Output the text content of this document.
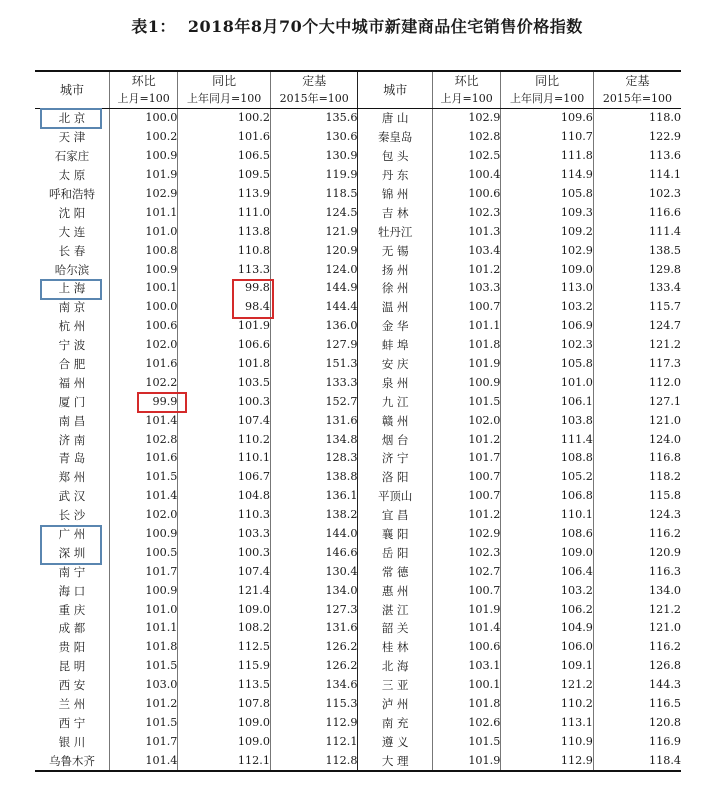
表1： 2018年8月70个大中城市新建商品住宅销售价格指数
城市	环比	同比	定基	城市	环比	同比	定基
	上月=100	上年同月=100	2015年=100		上月=100	上年同月=100	2015年=100
北 京	100.0	100.2	135.6	唐 山	102.9	109.6	118.0
天 津	100.2	101.6	130.6	秦皇岛	102.8	110.7	122.9
石家庄	100.9	106.5	130.9	包 头	102.5	111.8	113.6
太 原	101.9	109.5	119.9	丹 东	100.4	114.9	114.1
呼和浩特	102.9	113.9	118.5	锦 州	100.6	105.8	102.3
沈 阳	101.1	111.0	124.5	吉 林	102.3	109.3	116.6
大 连	101.0	113.8	121.9	牡丹江	101.3	109.2	111.4
长 春	100.8	110.8	120.9	无 锡	103.4	102.9	138.5
哈尔滨	100.9	113.3	124.0	扬 州	101.2	109.0	129.8
上 海	100.1	99.8	144.9	徐 州	103.3	113.0	133.4
南 京	100.0	98.4	144.4	温 州	100.7	103.2	115.7
杭 州	100.6	101.9	136.0	金 华	101.1	106.9	124.7
宁 波	102.0	106.6	127.9	蚌 埠	101.8	102.3	121.2
合 肥	101.6	101.8	151.3	安 庆	101.9	105.8	117.3
福 州	102.2	103.5	133.3	泉 州	100.9	101.0	112.0
厦 门	99.9	100.3	152.7	九 江	101.5	106.1	127.1
南 昌	101.4	107.4	131.6	赣 州	102.0	103.8	121.0
济 南	102.8	110.2	134.8	烟 台	101.2	111.4	124.0
青 岛	101.6	110.1	128.3	济 宁	101.7	108.8	116.8
郑 州	101.5	106.7	138.8	洛 阳	100.7	105.2	118.2
武 汉	101.4	104.8	136.1	平顶山	100.7	106.8	115.8
长 沙	102.0	110.3	138.2	宜 昌	101.2	110.1	124.3
广 州	100.9	103.3	144.0	襄 阳	102.9	108.6	116.2
深 圳	100.5	100.3	146.6	岳 阳	102.3	109.0	120.9
南 宁	101.7	107.4	130.4	常 德	102.7	106.4	116.3
海 口	100.9	121.4	134.0	惠 州	100.7	103.2	134.0
重 庆	101.0	109.0	127.3	湛 江	101.9	106.2	121.2
成 都	101.1	108.2	131.6	韶 关	101.4	104.9	121.0
贵 阳	101.8	112.5	126.2	桂 林	100.6	106.0	116.2
昆 明	101.5	115.9	126.2	北 海	103.1	109.1	126.8
西 安	103.0	113.5	134.6	三 亚	100.1	121.2	144.3
兰 州	101.2	107.8	115.3	泸 州	101.8	110.2	116.5
西 宁	101.5	109.0	112.9	南 充	102.6	113.1	120.8
银 川	101.7	109.0	112.1	遵 义	101.5	110.9	116.9
乌鲁木齐	101.4	112.1	112.8	大 理	101.9	112.9	118.4
